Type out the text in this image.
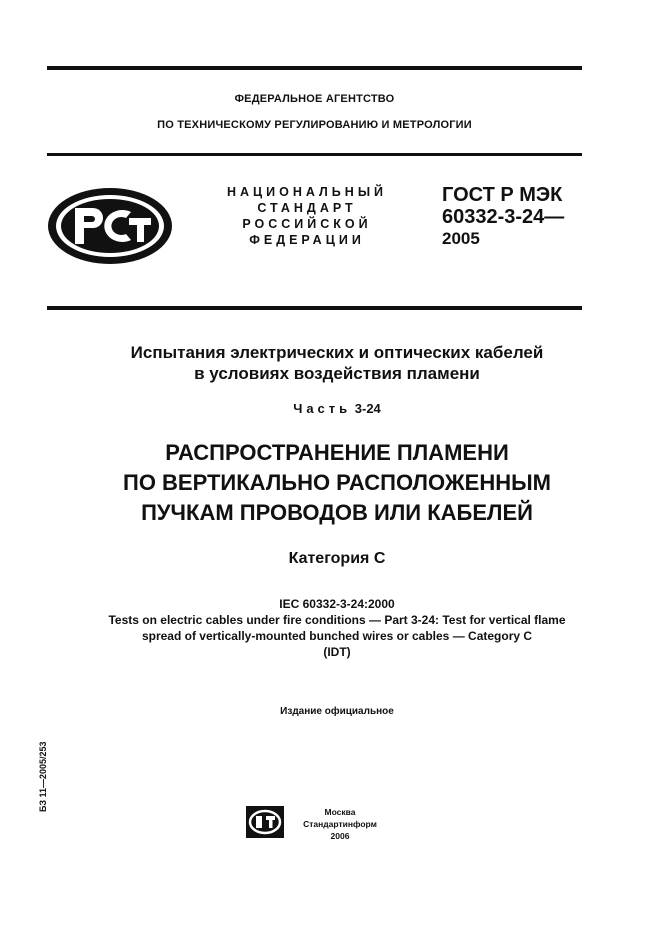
ФЕДЕРАЛЬНОЕ АГЕНТСТВО
ПО ТЕХНИЧЕСКОМУ РЕГУЛИРОВАНИЮ И МЕТРОЛОГИИ
НАЦИОНАЛЬНЫЙ
СТАНДАРТ
РОССИЙСКОЙ
ФЕДЕРАЦИИ
ГОСТ Р МЭК
60332-3-24—
2005
Испытания электрических и оптических кабелей
в условиях воздействия пламени
Часть 3-24
РАСПРОСТРАНЕНИЕ ПЛАМЕНИ
ПО ВЕРТИКАЛЬНО РАСПОЛОЖЕННЫМ
ПУЧКАМ ПРОВОДОВ ИЛИ КАБЕЛЕЙ
Категория С
IEC 60332-3-24:2000
Tests on electric cables under fire conditions — Part 3-24: Test for vertical flame
spread of vertically-mounted bunched wires or cables — Category C
(IDT)
Издание официальное
БЗ 11—2005/253	Москва
Стандартинформ
2006
